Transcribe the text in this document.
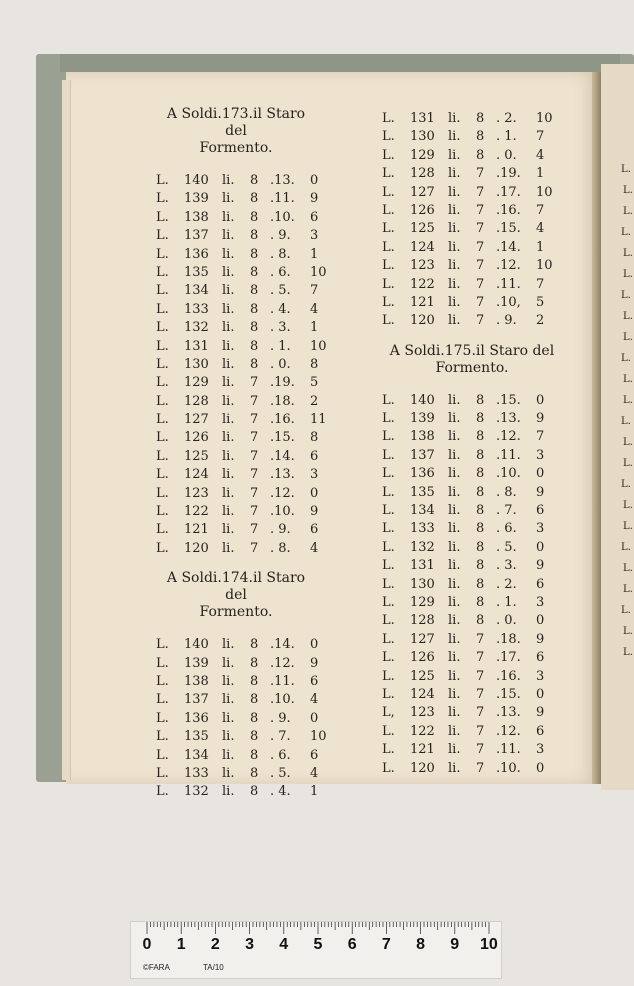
A Soldi.173.il Staro del
Formento.
L. 140 li. 8 .13. 0
L. 139 li. 8 .11. 9
L. 138 li. 8 .10. 6
L. 137 li. 8 . 9. 3
L. 136 li. 8 . 8. 1
L. 135 li. 8 . 6. 10
L. 134 li. 8 . 5. 7
L. 133 li. 8 . 4. 4
L. 132 li. 8 . 3. 1
L. 131 li. 8 . 1. 10
L. 130 li. 8 . 0. 8
L. 129 li. 7 .19. 5
L. 128 li. 7 .18. 2
L. 127 li. 7 .16. 11
L. 126 li. 7 .15. 8
L. 125 li. 7 .14. 6
L. 124 li. 7 .13. 3
L. 123 li. 7 .12. 0
L. 122 li. 7 .10. 9
L. 121 li. 7 . 9. 6
L. 120 li. 7 . 8. 4
A Soldi.174.il Staro del
Formento.
L. 140 li. 8 .14. 0
L. 139 li. 8 .12. 9
L. 138 li. 8 .11. 6
L. 137 li. 8 .10. 4
L. 136 li. 8 . 9. 0
L. 135 li. 8 . 7. 10
L. 134 li. 8 . 6. 6
L. 133 li. 8 . 5. 4
L. 132 li. 8 . 4. 1
L. 131 li. 8 . 2. 10
L. 130 li. 8 . 1. 7
L. 129 li. 8 . 0. 4
L. 128 li. 7 .19. 1
L. 127 li. 7 .17. 10
L. 126 li. 7 .16. 7
L. 125 li. 7 .15. 4
L. 124 li. 7 .14. 1
L. 123 li. 7 .12. 10
L. 122 li. 7 .11. 7
L. 121 li. 7 .10, 5
L. 120 li. 7 . 9. 2
A Soldi.175.il Staro del
Formento.
L. 140 li. 8 .15. 0
L. 139 li. 8 .13. 9
L. 138 li. 8 .12. 7
L. 137 li. 8 .11. 3
L. 136 li. 8 .10. 0
L. 135 li. 8 . 8. 9
L. 134 li. 8 . 7. 6
L. 133 li. 8 . 6. 3
L. 132 li. 8 . 5. 0
L. 131 li. 8 . 3. 9
L. 130 li. 8 . 2. 6
L. 129 li. 8 . 1. 3
L. 128 li. 8 . 0. 0
L. 127 li. 7 .18. 9
L. 126 li. 7 .17. 6
L. 125 li. 7 .16. 3
L. 124 li. 7 .15. 0
L, 123 li. 7 .13. 9
L. 122 li. 7 .12. 6
L. 121 li. 7 .11. 3
L. 120 li. 7 .10. 0
L.
L.
L.
L.
L.
L.
L.
L.
L.
L.
L.
L.
L.
L.
L.
L.
L.
L.
L.
L.
L.
L.
L.
L.
0 1 2 3 4 5 6 7 8 9 10
©FARA	TA/10
